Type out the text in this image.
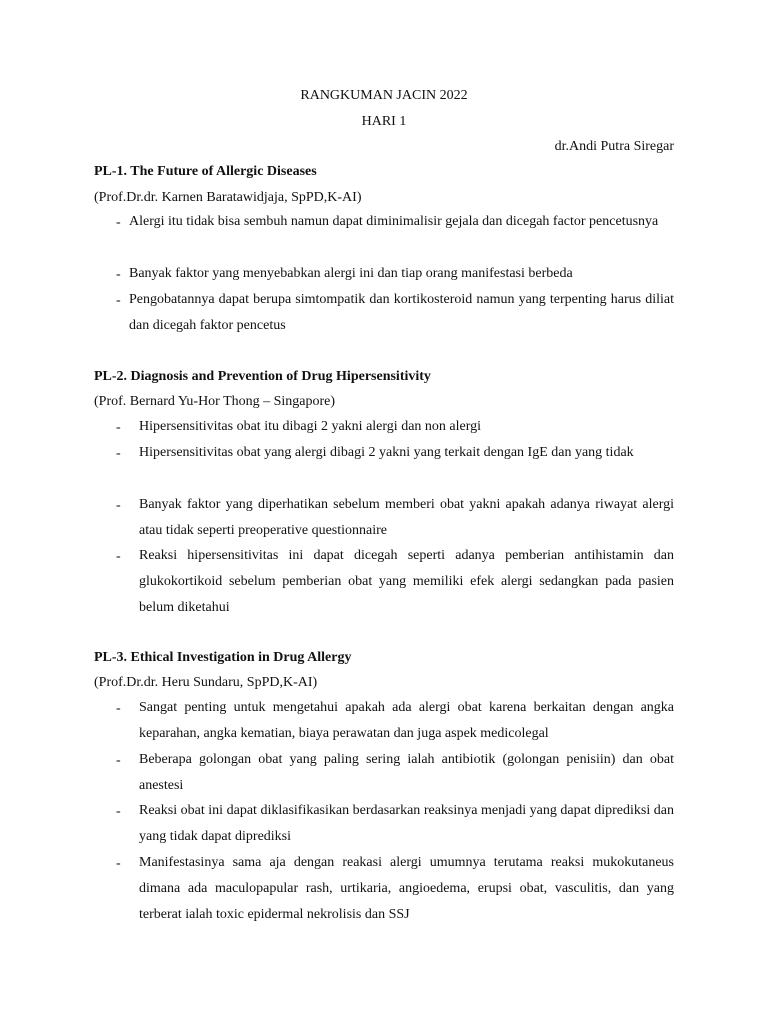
RANGKUMAN JACIN 2022
HARI 1
dr.Andi Putra Siregar
PL-1. The Future of Allergic Diseases
(Prof.Dr.dr. Karnen Baratawidjaja, SpPD,K-AI)
- Alergi itu tidak bisa sembuh namun dapat diminimalisir gejala dan dicegah factor pencetusnya
- Banyak faktor yang menyebabkan alergi ini dan tiap orang manifestasi berbeda
- Pengobatannya dapat berupa simtompatik dan kortikosteroid namun yang terpenting harus diliat dan dicegah faktor pencetus
PL-2. Diagnosis and Prevention of Drug Hipersensitivity
(Prof. Bernard Yu-Hor Thong – Singapore)
- Hipersensitivitas obat itu dibagi 2 yakni alergi dan non alergi
- Hipersensitivitas obat yang alergi dibagi 2 yakni yang terkait dengan IgE dan yang tidak
- Banyak faktor yang diperhatikan sebelum memberi obat yakni apakah adanya riwayat alergi atau tidak seperti preoperative questionnaire
- Reaksi hipersensitivitas ini dapat dicegah seperti adanya pemberian antihistamin dan glukokortikoid sebelum pemberian obat yang memiliki efek alergi sedangkan pada pasien belum diketahui
PL-3. Ethical Investigation in Drug Allergy
(Prof.Dr.dr. Heru Sundaru, SpPD,K-AI)
- Sangat penting untuk mengetahui apakah ada alergi obat karena berkaitan dengan angka keparahan, angka kematian, biaya perawatan dan juga aspek medicolegal
- Beberapa golongan obat yang paling sering ialah antibiotik (golongan penisiin) dan obat anestesi
- Reaksi obat ini dapat diklasifikasikan berdasarkan reaksinya menjadi yang dapat diprediksi dan yang tidak dapat diprediksi
- Manifestasinya sama aja dengan reakasi alergi umumnya terutama reaksi mukokutaneus dimana ada maculopapular rash, urtikaria, angioedema, erupsi obat, vasculitis, dan yang terberat ialah toxic epidermal nekrolisis dan SSJ
